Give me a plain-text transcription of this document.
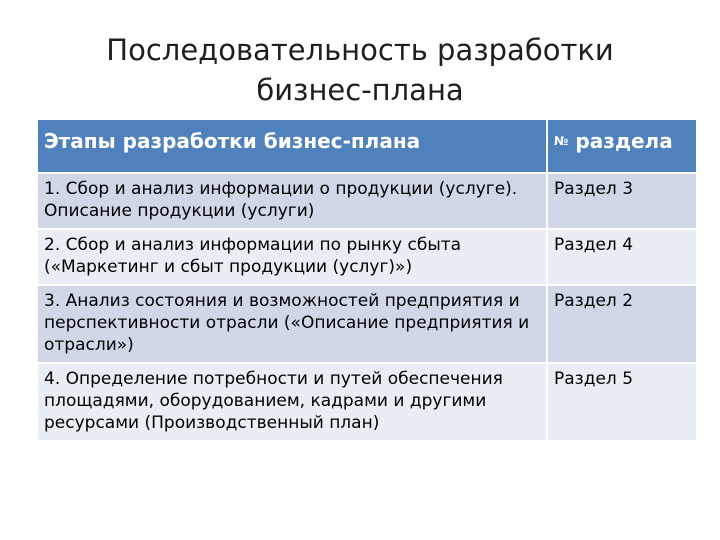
Последовательность разработки
бизнес-плана
Этапы разработки бизнес-плана	№ раздела
1. Сбор и анализ информации о продукции (услуге). Описание продукции (услуги)	Раздел 3
2. Сбор и анализ информации по рынку сбыта («Маркетинг и сбыт продукции (услуг)»)	Раздел 4
3. Анализ состояния и возможностей предприятия и перспективности отрасли («Описание предприятия и отрасли»)	Раздел 2
4. Определение потребности и путей обеспечения площадями, оборудованием, кадрами и другими ресурсами (Производственный план)	Раздел 5
